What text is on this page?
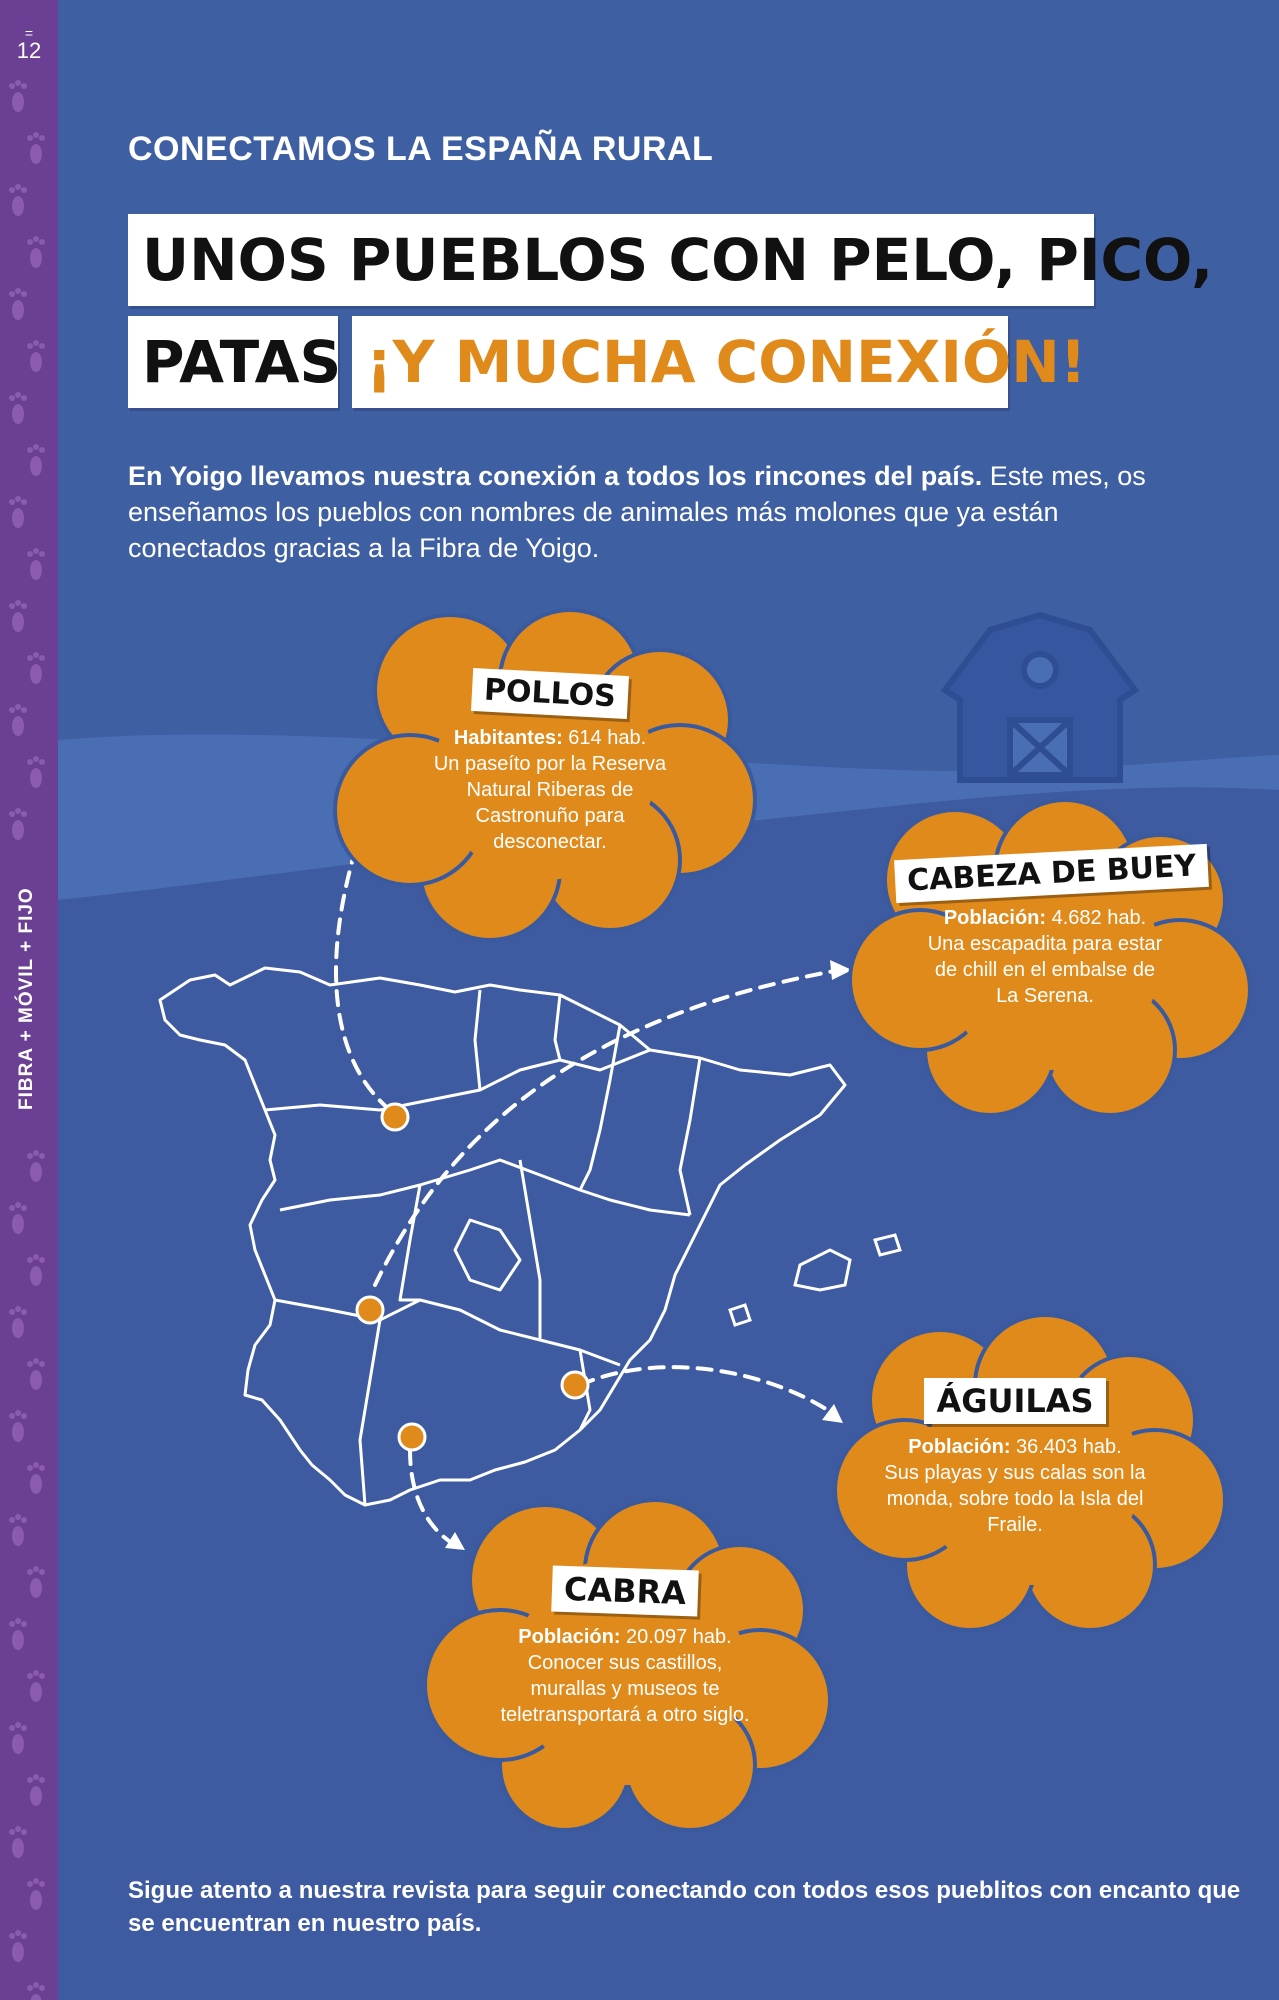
=
12
FIBRA + MÓVIL + FIJO
CONECTAMOS LA ESPAÑA RURAL
UNOS PUEBLOS CON PELO, PICO,
PATAS ¡Y MUCHA CONEXIÓN!
En Yoigo llevamos nuestra conexión a todos los rincones del país. Este mes, os enseñamos los pueblos con nombres de animales más molones que ya están conectados gracias a la Fibra de Yoigo.
POLLOS
Habitantes: 614 hab.
Un paseíto por la Reserva Natural Riberas de Castronuño para desconectar.
CABEZA DE BUEY
Población: 4.682 hab.
Una escapadita para estar de chill en el embalse de La Serena.
ÁGUILAS
Población: 36.403 hab.
Sus playas y sus calas son la monda, sobre todo la Isla del Fraile.
CABRA
Población: 20.097 hab.
Conocer sus castillos, murallas y museos te teletransportará a otro siglo.
Sigue atento a nuestra revista para seguir conectando con todos esos pueblitos con encanto que se encuentran en nuestro país.
